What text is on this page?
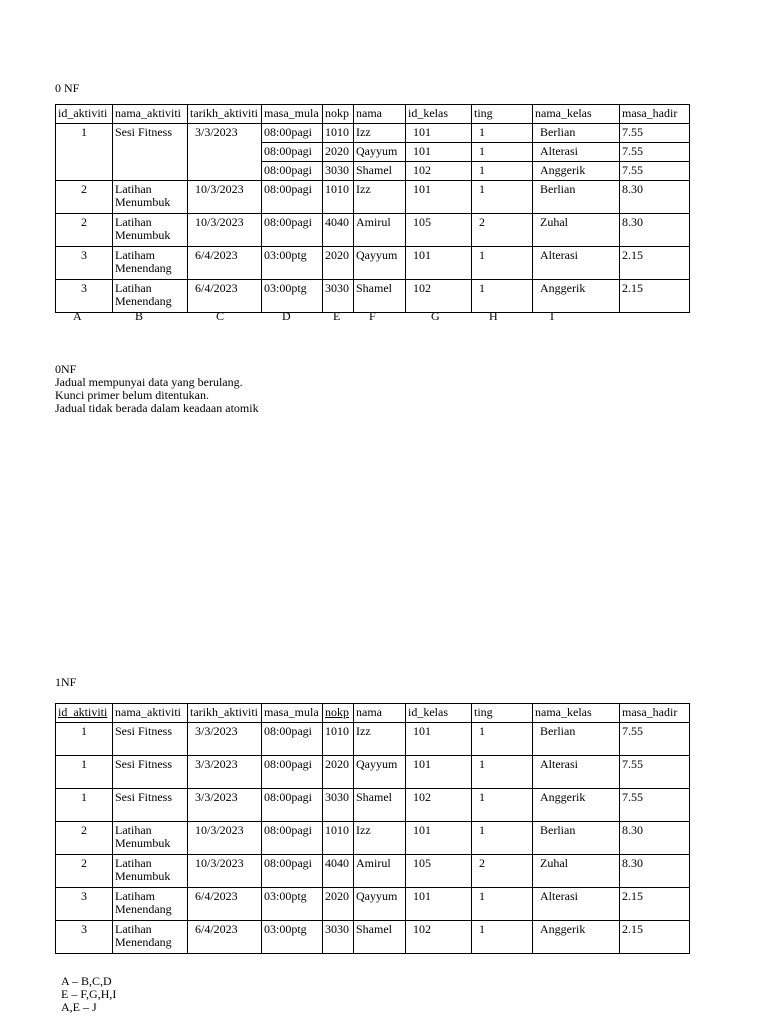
0 NF
id_aktiviti	nama_aktiviti	tarikh_aktiviti	masa_mula	nokp	nama	id_kelas	ting	nama_kelas	masa_hadir
1	Sesi Fitness	3/3/2023	08:00pagi	1010	Izz	101	1	Berlian	7.55
			08:00pagi	2020	Qayyum	101	1	Alterasi	7.55
			08:00pagi	3030	Shamel	102	1	Anggerik	7.55
2	Latihan Menumbuk	10/3/2023	08:00pagi	1010	Izz	101	1	Berlian	8.30
2	Latihan Menumbuk	10/3/2023	08:00pagi	4040	Amirul	105	2	Zuhal	8.30
3	Latiham Menendang	6/4/2023	03:00ptg	2020	Qayyum	101	1	Alterasi	2.15
3	Latihan Menendang	6/4/2023	03:00ptg	3030	Shamel	102	1	Anggerik	2.15
A	B	C	D	E F	G	H	I
0NF
Jadual mempunyai data yang berulang.
Kunci primer belum ditentukan.
Jadual tidak berada dalam keadaan atomik
1NF
id_aktiviti	nama_aktiviti	tarikh_aktiviti	masa_mula	nokp	nama	id_kelas	ting	nama_kelas	masa_hadir
1	Sesi Fitness	3/3/2023	08:00pagi	1010	Izz	101	1	Berlian	7.55
1	Sesi Fitness	3/3/2023	08:00pagi	2020	Qayyum	101	1	Alterasi	7.55
1	Sesi Fitness	3/3/2023	08:00pagi	3030	Shamel	102	1	Anggerik	7.55
2	Latihan Menumbuk	10/3/2023	08:00pagi	1010	Izz	101	1	Berlian	8.30
2	Latihan Menumbuk	10/3/2023	08:00pagi	4040	Amirul	105	2	Zuhal	8.30
3	Latiham Menendang	6/4/2023	03:00ptg	2020	Qayyum	101	1	Alterasi	2.15
3	Latihan Menendang	6/4/2023	03:00ptg	3030	Shamel	102	1	Anggerik	2.15
A – B,C,D
E – F,G,H,I
A,E – J
